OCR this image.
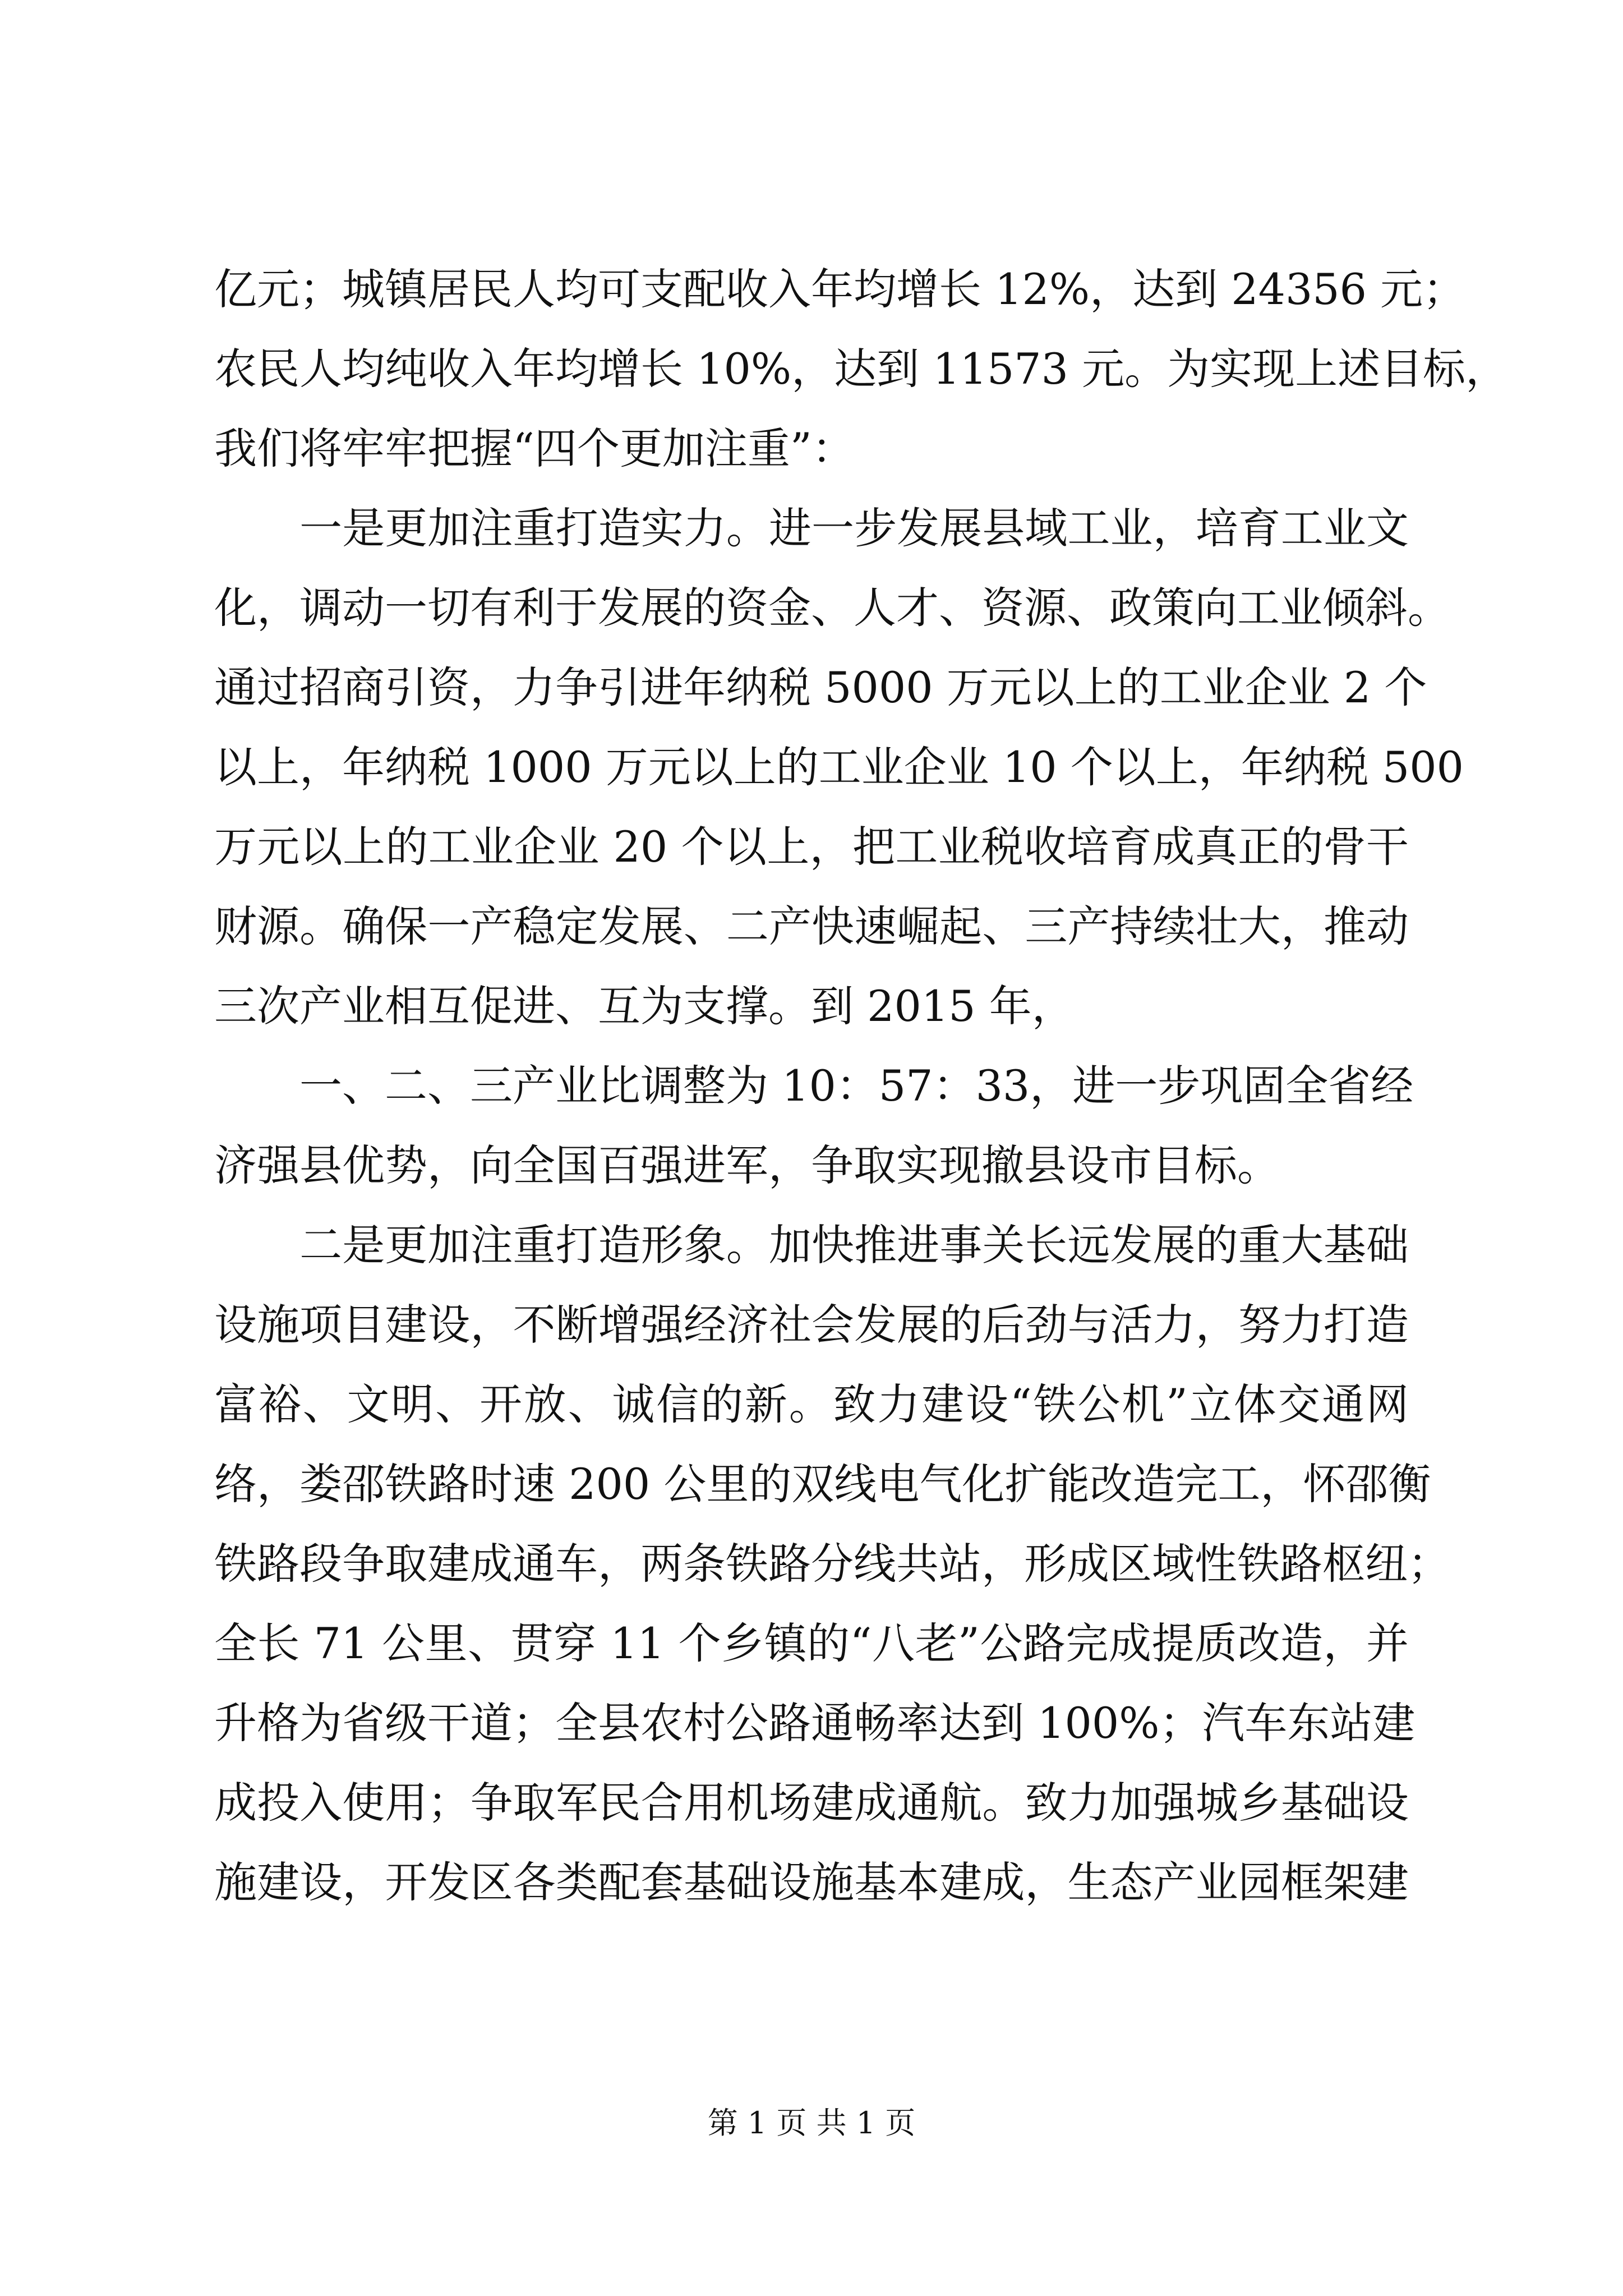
亿元；城镇居民人均可支配收入年均增长 12%，达到 24356 元；
农民人均纯收入年均增长 10%，达到 11573 元。为实现上述目标，
我们将牢牢把握“四个更加注重”：
　　一是更加注重打造实力。进一步发展县域工业，培育工业文
化，调动一切有利于发展的资金、人才、资源、政策向工业倾斜。
通过招商引资，力争引进年纳税 5000 万元以上的工业企业 2 个
以上，年纳税 1000 万元以上的工业企业 10 个以上，年纳税 500
万元以上的工业企业 20 个以上，把工业税收培育成真正的骨干
财源。确保一产稳定发展、二产快速崛起、三产持续壮大，推动
三次产业相互促进、互为支撑。到 2015 年，
　　一、二、三产业比调整为 10：57：33，进一步巩固全省经
济强县优势，向全国百强进军，争取实现撤县设市目标。
　　二是更加注重打造形象。加快推进事关长远发展的重大基础
设施项目建设，不断增强经济社会发展的后劲与活力，努力打造
富裕、文明、开放、诚信的新。致力建设“铁公机”立体交通网
络，娄邵铁路时速 200 公里的双线电气化扩能改造完工，怀邵衡
铁路段争取建成通车，两条铁路分线共站，形成区域性铁路枢纽；
全长 71 公里、贯穿 11 个乡镇的“八老”公路完成提质改造，并
升格为省级干道；全县农村公路通畅率达到 100%；汽车东站建
成投入使用；争取军民合用机场建成通航。致力加强城乡基础设
施建设，开发区各类配套基础设施基本建成，生态产业园框架建
第 1 页 共 1 页
